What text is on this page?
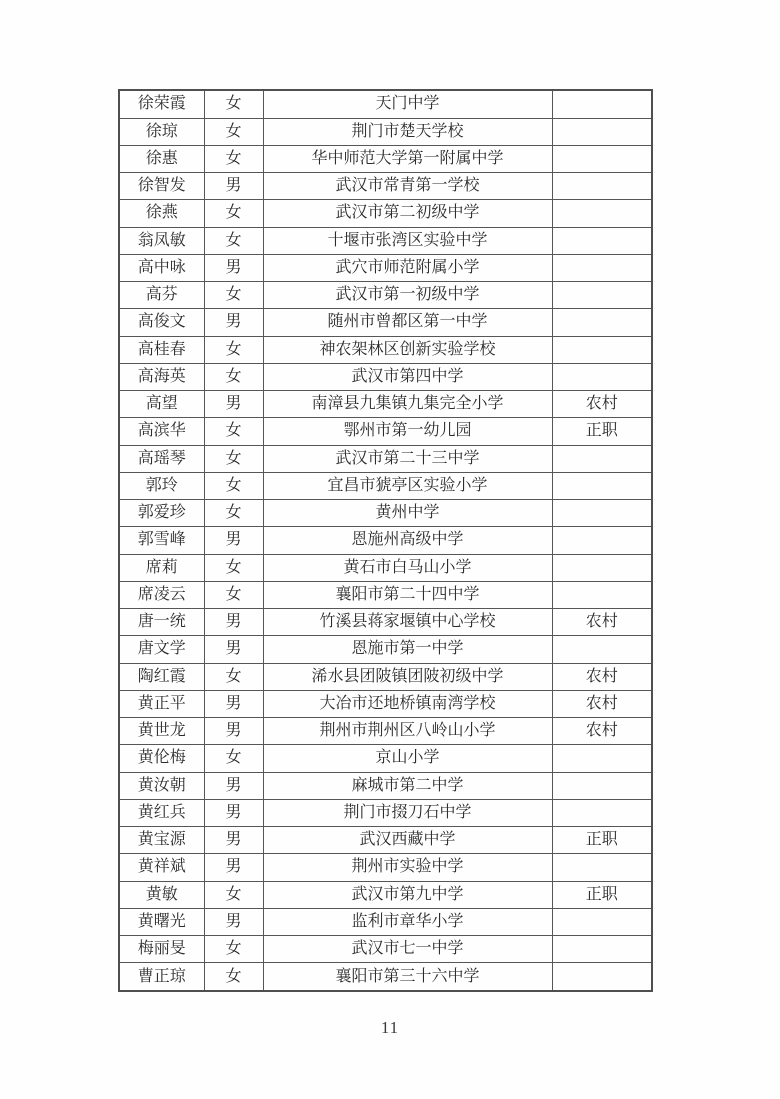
徐荣霞	女	天门中学	
徐琼	女	荆门市楚天学校	
徐惠	女	华中师范大学第一附属中学	
徐智发	男	武汉市常青第一学校	
徐燕	女	武汉市第二初级中学	
翁凤敏	女	十堰市张湾区实验中学	
高中咏	男	武穴市师范附属小学	
高芬	女	武汉市第一初级中学	
高俊文	男	随州市曾都区第一中学	
高桂春	女	神农架林区创新实验学校	
高海英	女	武汉市第四中学	
高望	男	南漳县九集镇九集完全小学	农村
高滨华	女	鄂州市第一幼儿园	正职
高瑶琴	女	武汉市第二十三中学	
郭玲	女	宜昌市猇亭区实验小学	
郭爱珍	女	黄州中学	
郭雪峰	男	恩施州高级中学	
席莉	女	黄石市白马山小学	
席凌云	女	襄阳市第二十四中学	
唐一统	男	竹溪县蒋家堰镇中心学校	农村
唐文学	男	恩施市第一中学	
陶红霞	女	浠水县团陂镇团陂初级中学	农村
黄正平	男	大冶市还地桥镇南湾学校	农村
黄世龙	男	荆州市荆州区八岭山小学	农村
黄伦梅	女	京山小学	
黄汝朝	男	麻城市第二中学	
黄红兵	男	荆门市掇刀石中学	
黄宝源	男	武汉西藏中学	正职
黄祥斌	男	荆州市实验中学	
黄敏	女	武汉市第九中学	正职
黄曙光	男	监利市章华小学	
梅丽旻	女	武汉市七一中学	
曹正琼	女	襄阳市第三十六中学	
11
